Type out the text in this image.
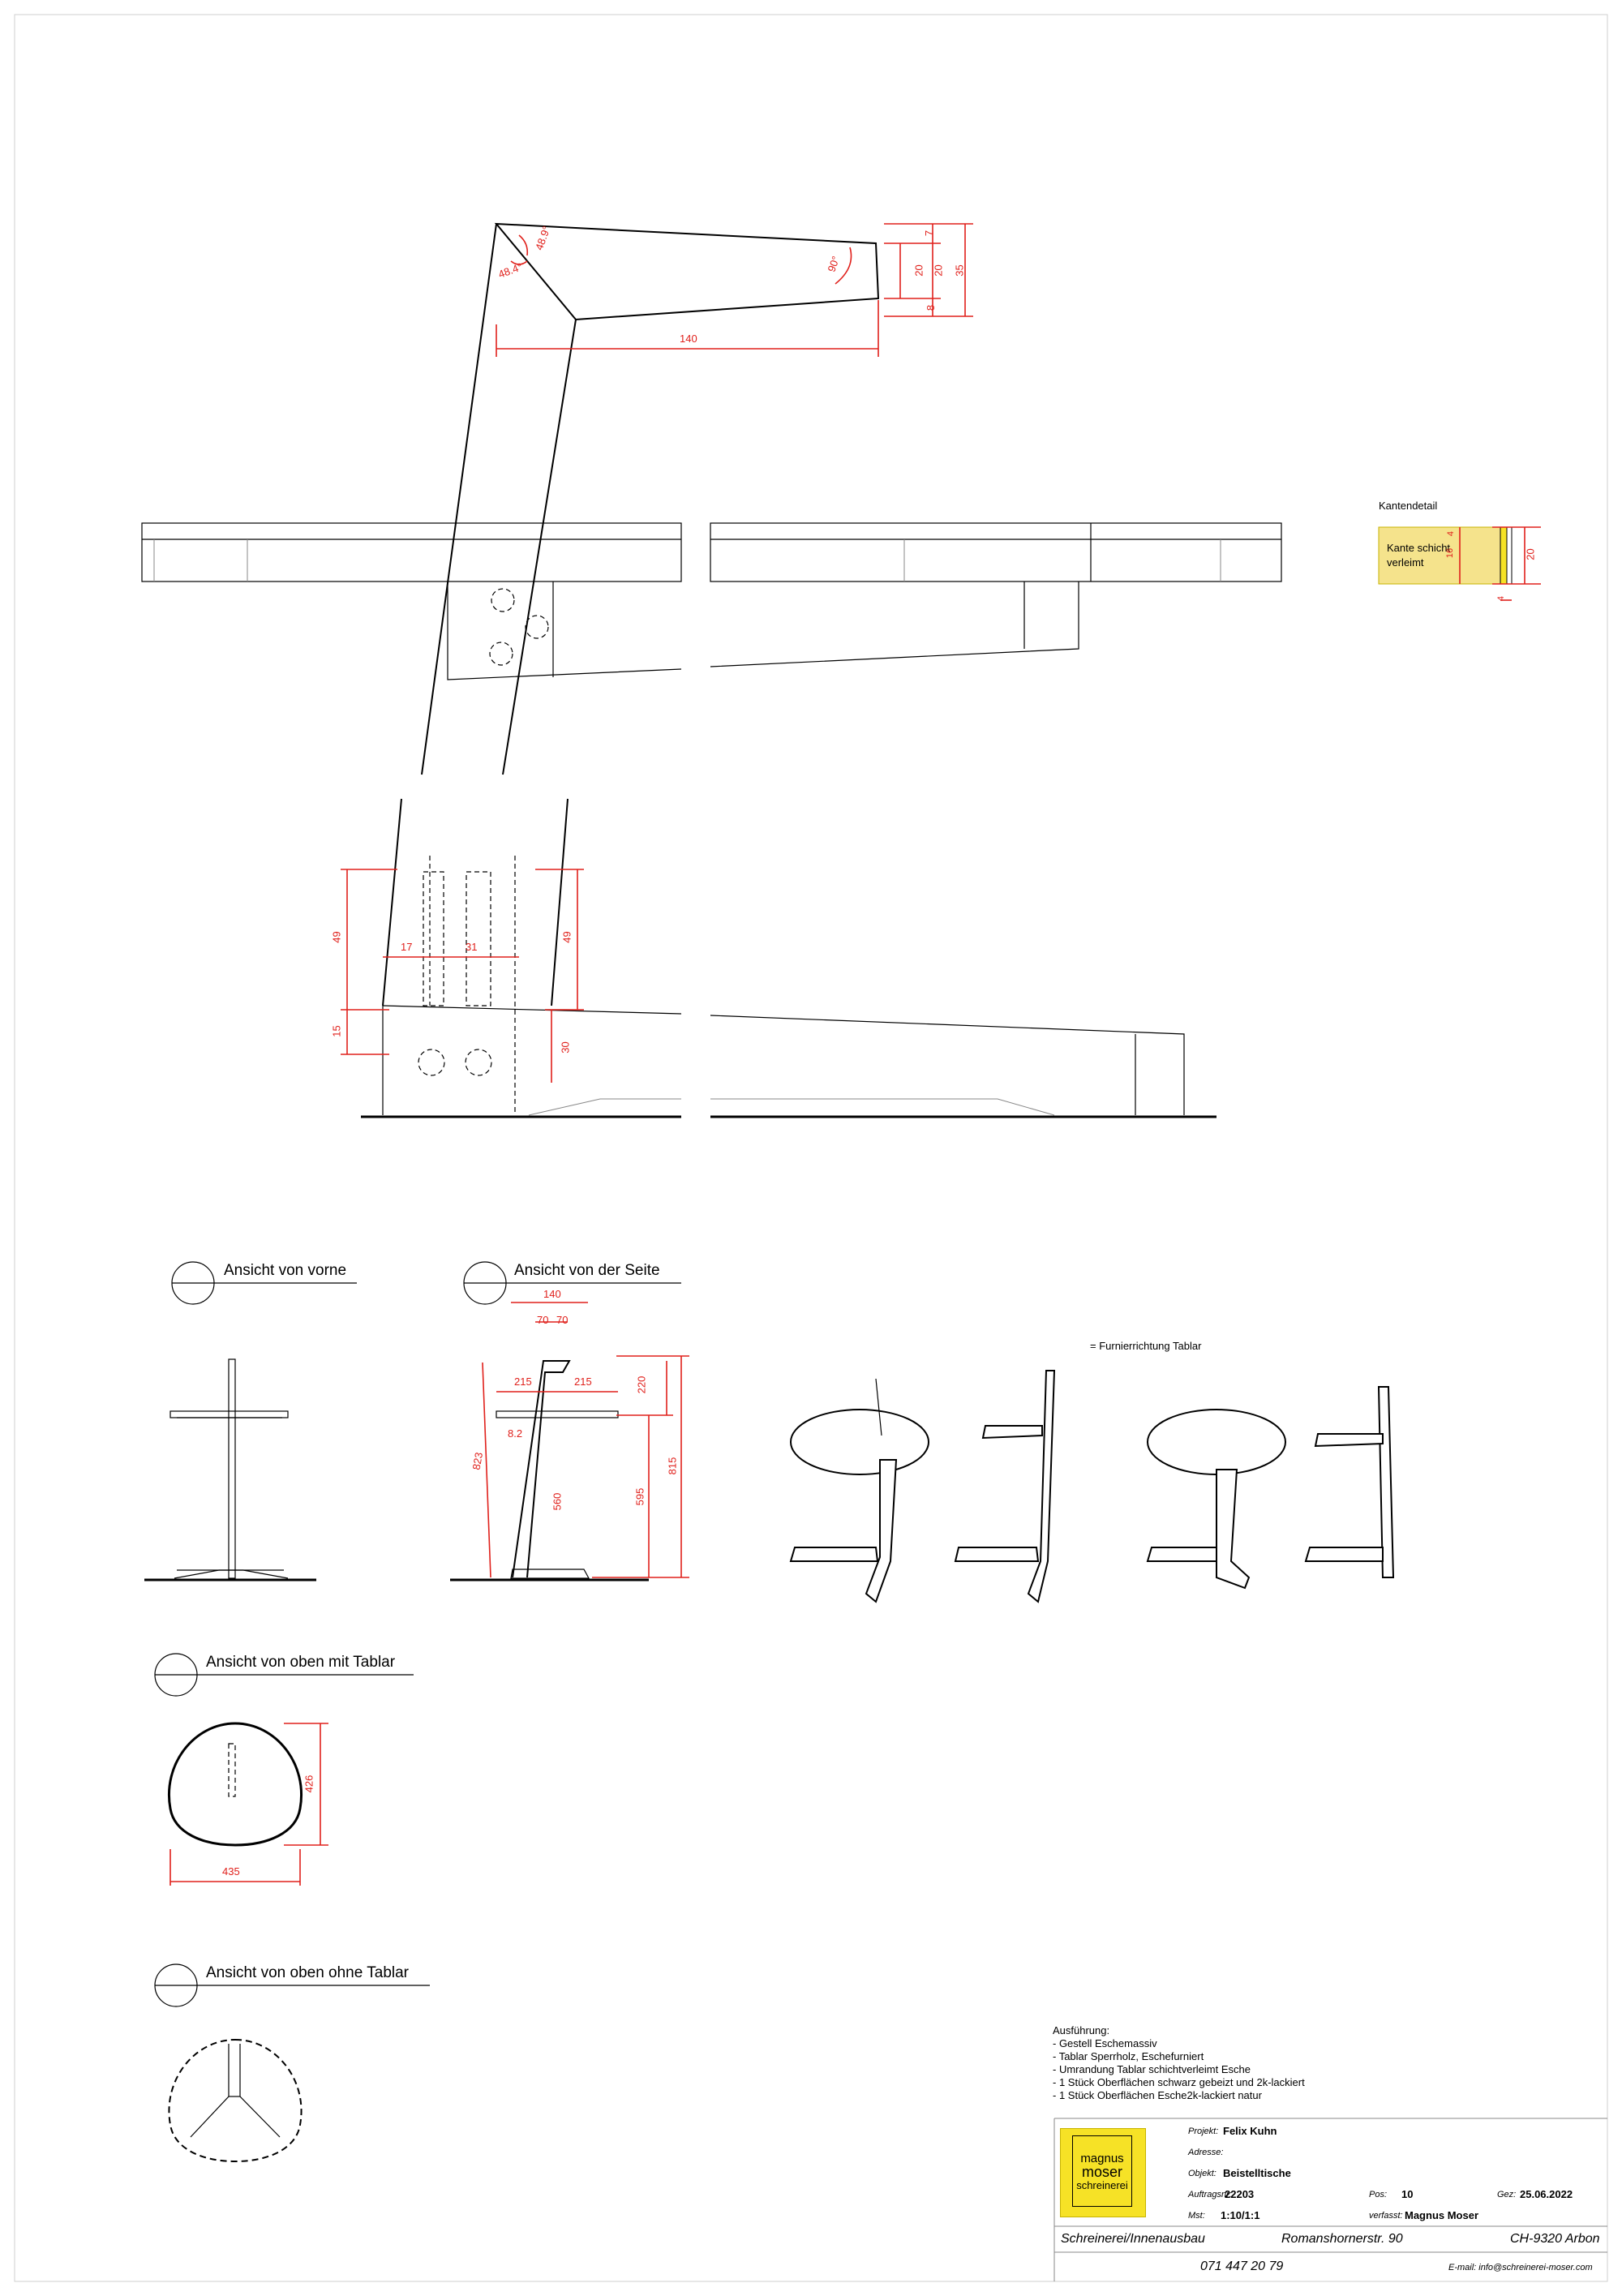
48.4°
48.9°
90°
140
7
20	35
20
8
Kantendetail
Kante schicht
verleimt
4
16	20
4
49
17	31
49
15
30
Ansicht von vorne	Ansicht von der Seite
Ansicht von oben mit Tablar
Ansicht von oben ohne Tablar
= Furnierrichtung Tablar
140
70 70
215	215	220
823
8.2
560	595
815
426
435
Ausführung:
- Gestell Eschemassiv
- Tablar Sperrholz, Eschefurniert
- Umrandung Tablar schichtverleimt Esche
- 1 Stück Oberflächen schwarz gebeizt und 2k-lackiert
- 1 Stück Oberflächen Esche2k-lackiert natur
magnus
moser
schreinerei
Projekt: Felix Kuhn
Adresse:
Objekt: Beistelltische
Auftragsnr:
22203	Pos: 10	Gez: 25.06.2022
Mst: 1:10/1:1	verfasst: Magnus Moser
Schreinerei/Innenausbau	Romanshornerstr. 90	CH-9320 Arbon
071 447 20 79	E-mail: info@schreinerei-moser.com
